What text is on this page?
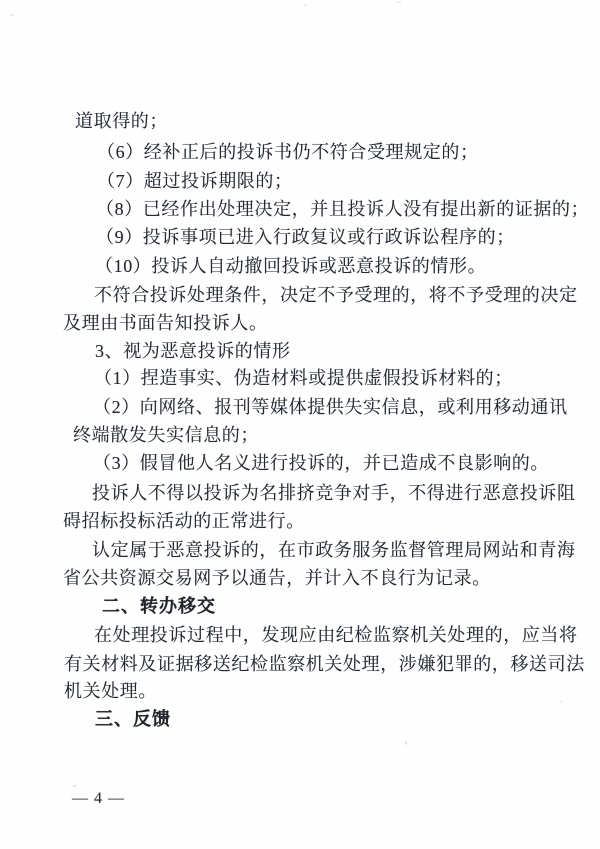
道取得的；
（6）经补正后的投诉书仍不符合受理规定的；
（7）超过投诉期限的；
（8）已经作出处理决定，并且投诉人没有提出新的证据的；
（9）投诉事项已进入行政复议或行政诉讼程序的；
（10）投诉人自动撤回投诉或恶意投诉的情形。
不符合投诉处理条件，决定不予受理的，将不予受理的决定
及理由书面告知投诉人。
3、视为恶意投诉的情形
（1）捏造事实、伪造材料或提供虚假投诉材料的；
（2）向网络、报刊等媒体提供失实信息，或利用移动通讯
终端散发失实信息的；
（3）假冒他人名义进行投诉的，并已造成不良影响的。
投诉人不得以投诉为名排挤竞争对手，不得进行恶意投诉阻
碍招标投标活动的正常进行。
认定属于恶意投诉的，在市政务服务监督管理局网站和青海
省公共资源交易网予以通告，并计入不良行为记录。
二、转办移交
在处理投诉过程中，发现应由纪检监察机关处理的，应当将
有关材料及证据移送纪检监察机关处理，涉嫌犯罪的，移送司法
机关处理。
三、反馈
— 4 —
